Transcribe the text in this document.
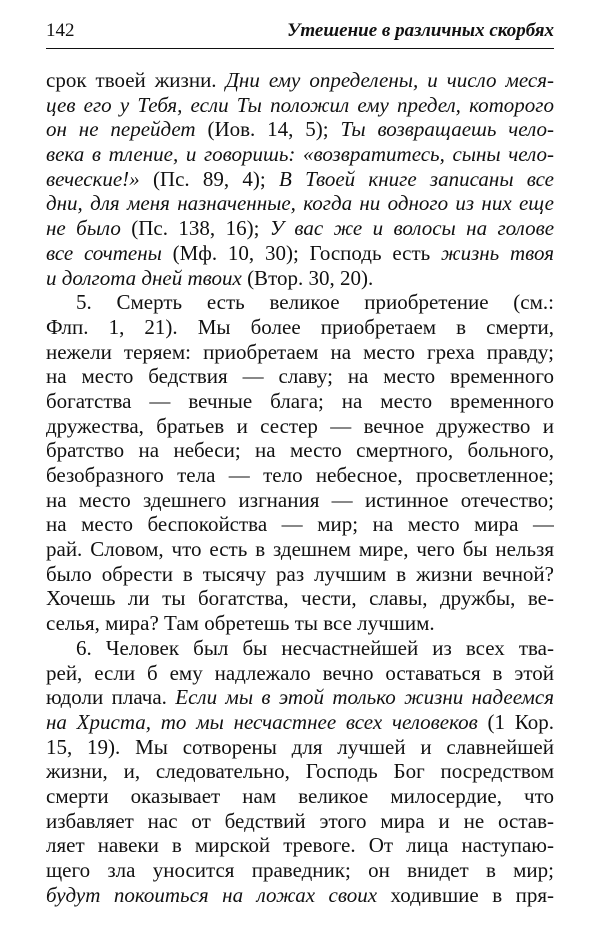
142	Утешение в различных скорбях
срок твоей жизни. Дни ему определены, и число меся-
цев его у Тебя, если Ты положил ему предел, которого
он не перейдет (Иов. 14, 5); Ты возвращаешь чело-
века в тление, и говоришь: «возвратитесь, сыны чело-
веческие!» (Пс. 89, 4); В Твоей книге записаны все
дни, для меня назначенные, когда ни одного из них еще
не было (Пс. 138, 16); У вас же и волосы на голове
все сочтены (Мф. 10, 30); Господь есть жизнь твоя
и долгота дней твоих (Втор. 30, 20).
5. Смерть есть великое приобретение (см.:
Флп. 1, 21). Мы более приобретаем в смерти,
нежели теряем: приобретаем на место греха правду;
на место бедствия — славу; на место временного
богатства — вечные блага; на место временного
дружества, братьев и сестер — вечное дружество и
братство на небеси; на место смертного, больного,
безобразного тела — тело небесное, просветленное;
на место здешнего изгнания — истинное отечество;
на место беспокойства — мир; на место мира —
рай. Словом, что есть в здешнем мире, чего бы нельзя
было обрести в тысячу раз лучшим в жизни вечной?
Хочешь ли ты богатства, чести, славы, дружбы, ве-
селья, мира? Там обретешь ты все лучшим.
6. Человек был бы несчастнейшей из всех тва-
рей, если б ему надлежало вечно оставаться в этой
юдоли плача. Если мы в этой только жизни надеемся
на Христа, то мы несчастнее всех человеков (1 Кор.
15, 19). Мы сотворены для лучшей и славнейшей
жизни, и, следовательно, Господь Бог посредством
смерти оказывает нам великое милосердие, что
избавляет нас от бедствий этого мира и не остав-
ляет навеки в мирской тревоге. От лица наступаю-
щего зла уносится праведник; он внидет в мир;
будут покоиться на ложах своих ходившие в пря-
